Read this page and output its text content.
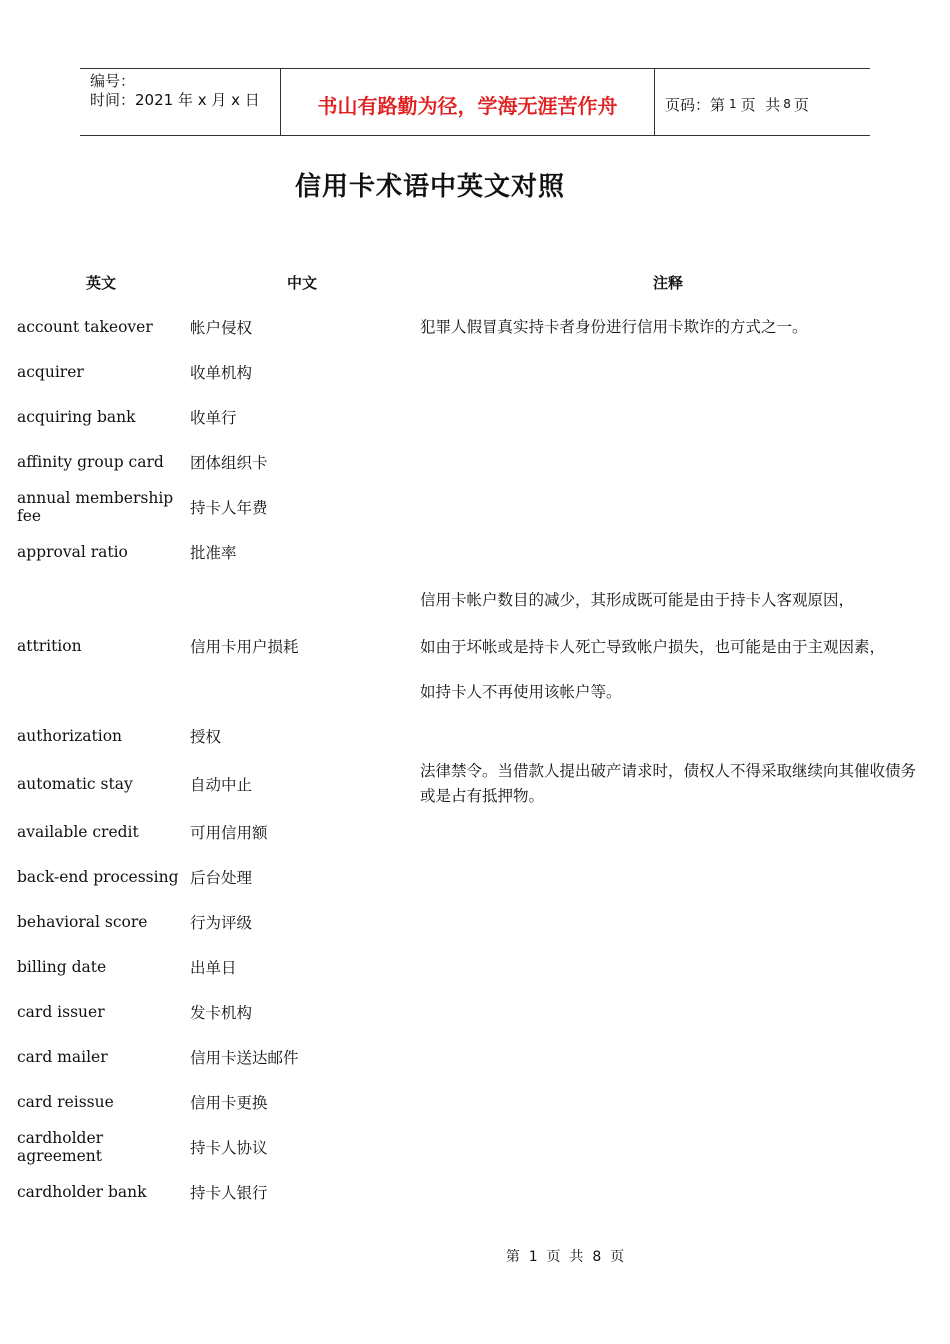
编号：
时间：2021 年 x 月 x 日	书山有路勤为径，学海无涯苦作舟	页码：第 1 页  共 8 页
信用卡术语中英文对照
英文	中文	注释
account takeover	帐户侵权	犯罪人假冒真实持卡者身份进行信用卡欺诈的方式之一。

acquirer	收单机构
acquiring bank	收单行
affinity group card	团体组织卡
annual membership fee	持卡人年费
approval ratio	批准率
attrition	信用卡用户损耗

信用卡帐户数目的减少，其形成既可能是由于持卡人客观原因，

如由于坏帐或是持卡人死亡导致帐户损失，也可能是由于主观因素，

如持卡人不再使用该帐户等。

authorization	授权
automatic stay	自动中止

法律禁令。当借款人提出破产请求时，债权人不得采取继续向其催收债务或是占有抵押物。

available credit	可用信用额
back-end processing 后台处理
behavioral score	行为评级
billing date	出单日
card issuer	发卡机构
card mailer	信用卡送达邮件
card reissue	信用卡更换
cardholder agreement	持卡人协议
cardholder bank	持卡人银行
第  1  页  共  8  页
